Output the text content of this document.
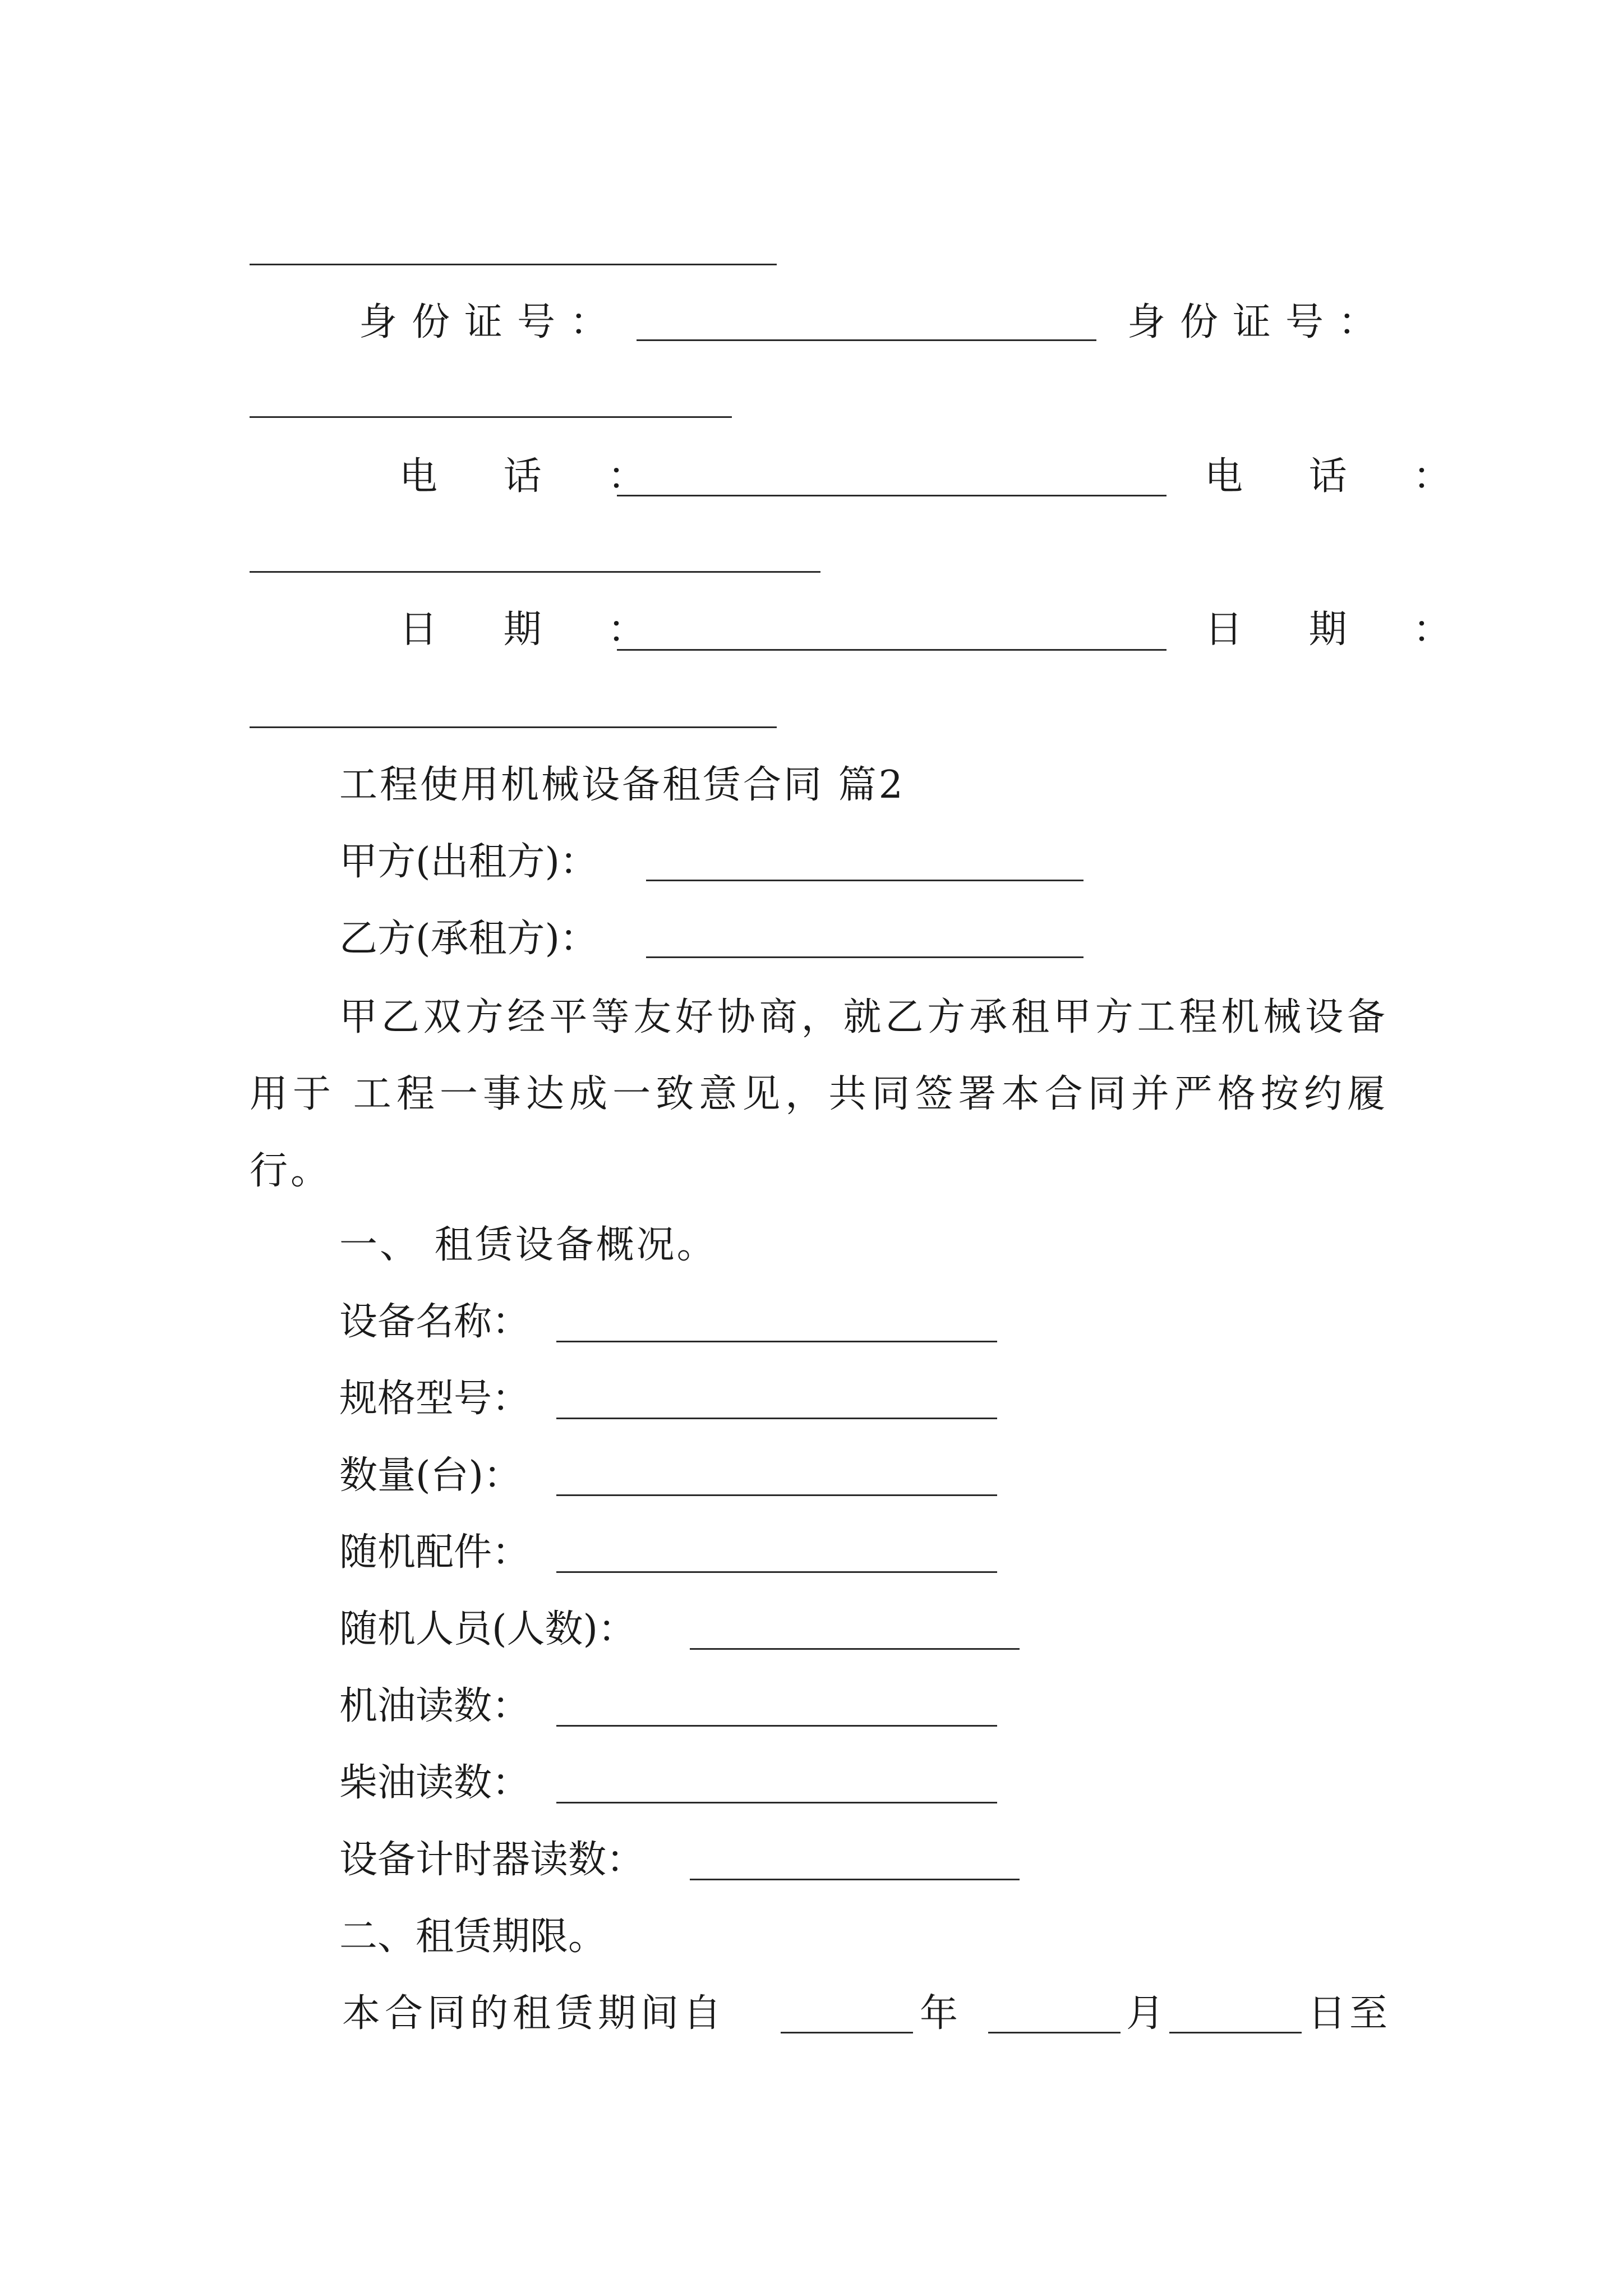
身份证号：	身份证号：
电 话 ：	电 话 ：
日 期 ：	日 期 ：
工程使用机械设备租赁合同 篇2
甲方(出租方)：
乙方(承租方)：
甲乙双方经平等友好协商，就乙方承租甲方工程机械设备用于 工程一事达成一致意见，共同签署本合同并严格按约履行。
一、 租赁设备概况。
设备名称：
规格型号：
数量(台)：
随机配件：
随机人员(人数)：
机油读数：
柴油读数：
设备计时器读数：
二、租赁期限。
本合同的租赁期间自	年	月	日至
